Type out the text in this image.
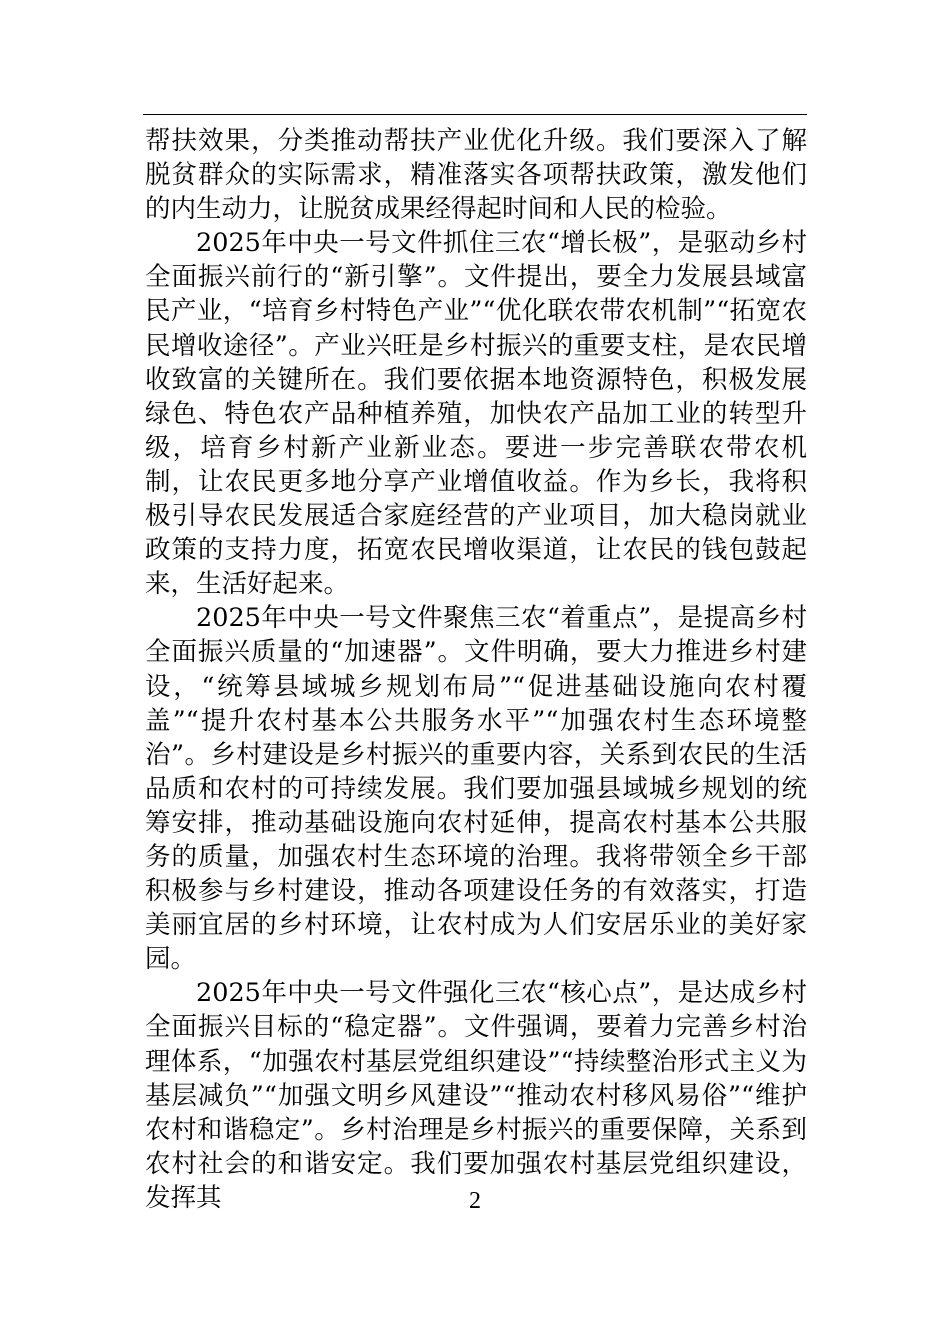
帮扶效果，分类推动帮扶产业优化升级。我们要深入了解脱贫群众的实际需求，精准落实各项帮扶政策，激发他们的内生动力，让脱贫成果经得起时间和人民的检验。

2025年中央一号文件抓住三农“增长极”，是驱动乡村全面振兴前行的“新引擎”。文件提出，要全力发展县域富民产业，“培育乡村特色产业”“优化联农带农机制”“拓宽农民增收途径”。产业兴旺是乡村振兴的重要支柱，是农民增收致富的关键所在。我们要依据本地资源特色，积极发展绿色、特色农产品种植养殖，加快农产品加工业的转型升级，培育乡村新产业新业态。要进一步完善联农带农机制，让农民更多地分享产业增值收益。作为乡长，我将积极引导农民发展适合家庭经营的产业项目，加大稳岗就业政策的支持力度，拓宽农民增收渠道，让农民的钱包鼓起来，生活好起来。

2025年中央一号文件聚焦三农“着重点”，是提高乡村全面振兴质量的“加速器”。文件明确，要大力推进乡村建设，“统筹县域城乡规划布局”“促进基础设施向农村覆盖”“提升农村基本公共服务水平”“加强农村生态环境整治”。乡村建设是乡村振兴的重要内容，关系到农民的生活品质和农村的可持续发展。我们要加强县域城乡规划的统筹安排，推动基础设施向农村延伸，提高农村基本公共服务的质量，加强农村生态环境的治理。我将带领全乡干部积极参与乡村建设，推动各项建设任务的有效落实，打造美丽宜居的乡村环境，让农村成为人们安居乐业的美好家园。

2025年中央一号文件强化三农“核心点”，是达成乡村全面振兴目标的“稳定器”。文件强调，要着力完善乡村治理体系，“加强农村基层党组织建设”“持续整治形式主义为基层减负”“加强文明乡风建设”“推动农村移风易俗”“维护农村和谐稳定”。乡村治理是乡村振兴的重要保障，关系到农村社会的和谐安定。我们要加强农村基层党组织建设，发挥其	2
